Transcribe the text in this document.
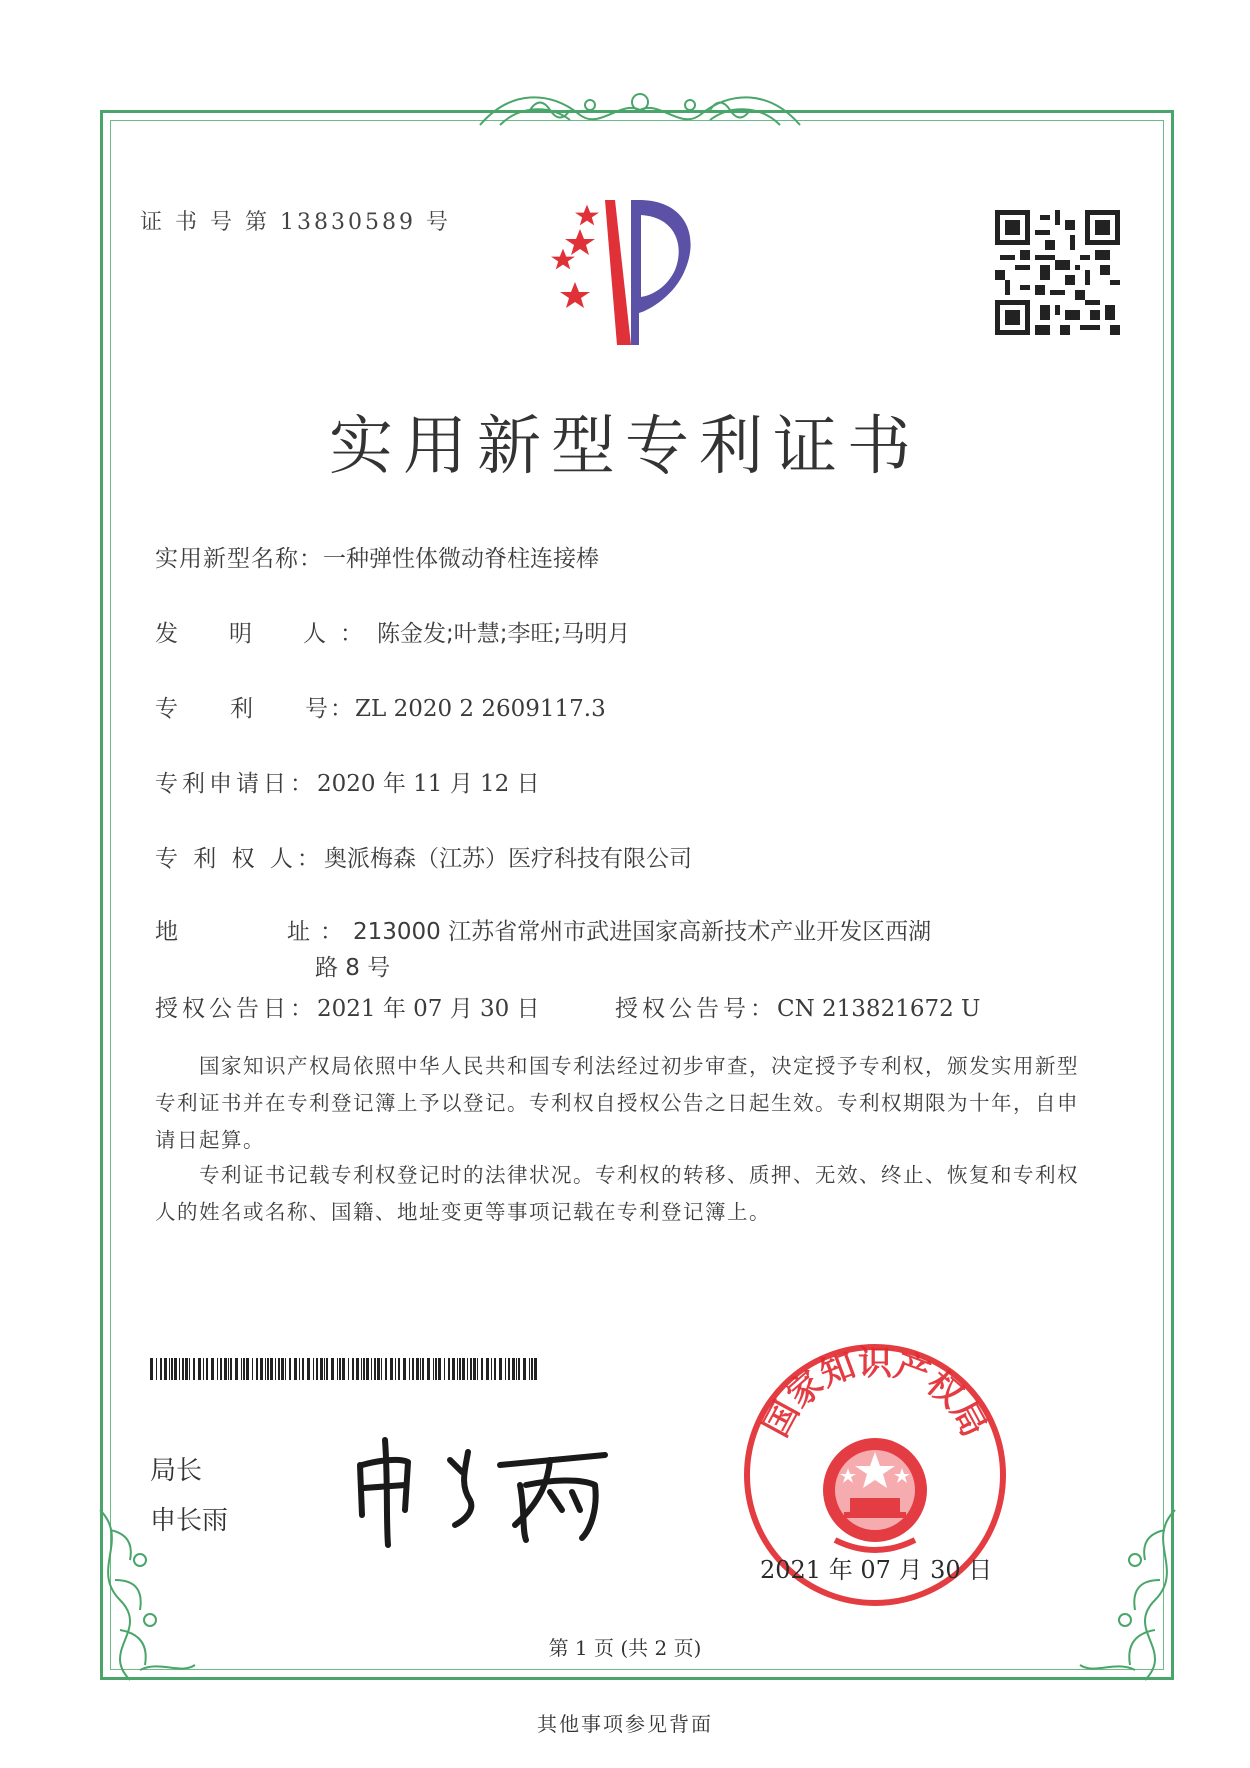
证 书 号 第 13830589 号
实用新型专利证书
实用新型名称：一种弹性体微动脊柱连接棒
发　明　人：陈金发;叶慧;李旺;马明月
专　　利　　号：ZL 2020 2 2609117.3
专利申请日：2020 年 11 月 12 日
专 利 权 人：奥派梅森（江苏）医疗科技有限公司
地　　　址：213000 江苏省常州市武进国家高新技术产业开发区西湖
路 8 号
授权公告日：2021 年 07 月 30 日	授权公告号：CN 213821672 U
国家知识产权局依照中华人民共和国专利法经过初步审查，决定授予专利权，颁发实用新型专利证书并在专利登记簿上予以登记。专利权自授权公告之日起生效。专利权期限为十年，自申请日起算。
专利证书记载专利权登记时的法律状况。专利权的转移、质押、无效、终止、恢复和专利权人的姓名或名称、国籍、地址变更等事项记载在专利登记簿上。
局长
申长雨
国家知识产权局
2021 年 07 月 30 日
第 1 页 (共 2 页)
其他事项参见背面
